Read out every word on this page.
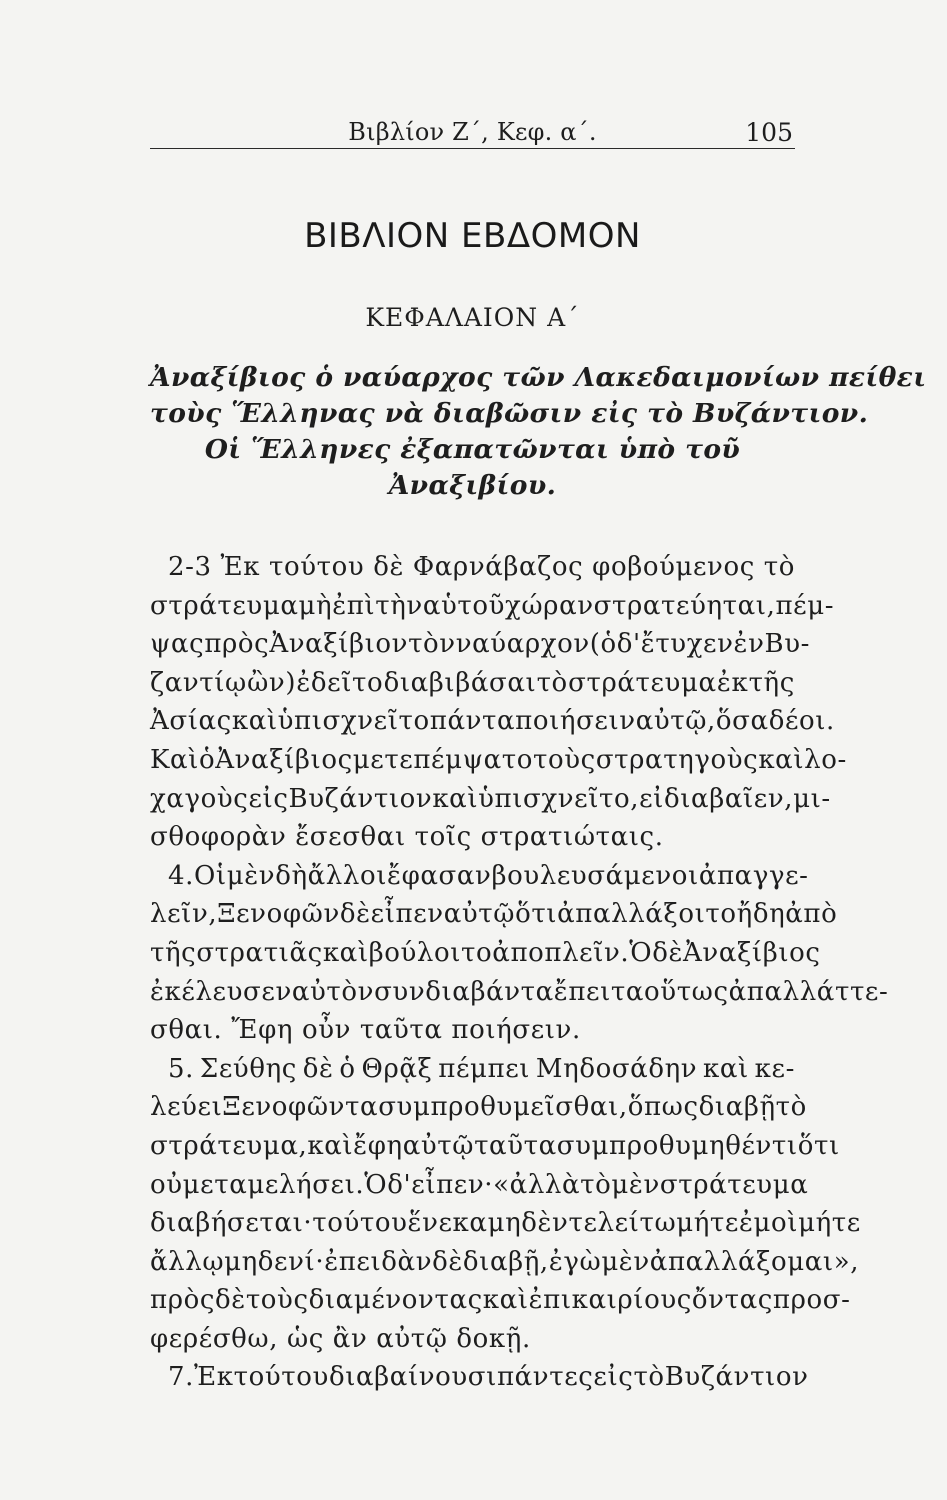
Βιβλίον Ζ΄, Κεφ. α΄.	105
ΒΙΒΛΙΟΝ ΕΒΔΟΜΟΝ
ΚΕΦΑΛΑΙΟΝ Α΄
Ἀναξίβιος ὁ ναύαρχος τῶν Λακεδαιμονίων πείθει
τοὺς Ἕλληνας νὰ διαβῶσιν εἰς τὸ Βυζάντιον.
Οἱ Ἕλληνες ἐξαπατῶνται ὑπὸ τοῦ
Ἀναξιβίου.
2-3 Ἐκ τούτου δὲ Φαρνάβαζος φοβούμενος τὸ
στράτευμα μὴ ἐπὶ τὴν αὑτοῦ χώραν στρατεύηται, πέμ-
ψας πρὸς Ἀναξίβιον τὸν ναύαρχον (ὁ δ' ἔτυχεν ἐν Βυ-
ζαντίῳ ὢν) ἐδεῖτο διαβιβάσαι τὸ στράτευμα ἐκ τῆς
Ἀσίας καὶ ὑπισχνεῖτο πάντα ποιήσειν αὐτῷ, ὅσα δέοι.
Καὶ ὁ Ἀναξίβιος μετεπέμψατο τοὺς στρατηγοὺς καὶ λο-
χαγοὺς εἰς Βυζάντιον καὶ ὑπισχνεῖτο, εἰ διαβαῖεν, μι-
σθοφορὰν ἔσεσθαι τοῖς στρατιώταις.
4. Οἱ μὲν δὴ ἄλλοι ἔφασαν βουλευσάμενοι ἀπαγγε-
λεῖν, Ξενοφῶν δὲ εἶπεν αὐτῷ ὅτι ἀπαλλάξοιτο ἤδη ἀπὸ
τῆς στρατιᾶς καὶ βούλοιτο ἀποπλεῖν. Ὁ δὲ Ἀναξίβιος
ἐκέλευσεν αὐτὸν συνδιαβάντα ἔπειτα οὕτως ἀπαλλάττε-
σθαι. Ἔφη οὖν ταῦτα ποιήσειν.
5. Σεύθης δὲ ὁ Θρᾷξ πέμπει Μηδοσάδην καὶ κε-
λεύει Ξενοφῶντα συμπροθυμεῖσθαι, ὅπως διαβῇ τὸ
στράτευμα, καὶ ἔφη αὐτῷ ταῦτα συμπροθυμηθέντι ὅτι
οὐ μεταμελήσει. Ὁ δ' εἶπεν· «ἀλλὰ τὸ μὲν στράτευμα
διαβήσεται· τούτου ἕνεκα μηδὲν τελείτω μήτε ἐμοὶ μήτε
ἄλλῳ μηδενί· ἐπειδὰν δὲ διαβῇ, ἐγὼ μὲν ἀπαλλάξομαι»,
πρὸς δὲ τοὺς διαμένοντας καὶ ἐπικαιρίους ὄντας προσ-
φερέσθω, ὡς ἂν αὐτῷ δοκῇ.
7. Ἐκ τούτου διαβαίνουσι πάντες εἰς τὸ Βυζάντιον
